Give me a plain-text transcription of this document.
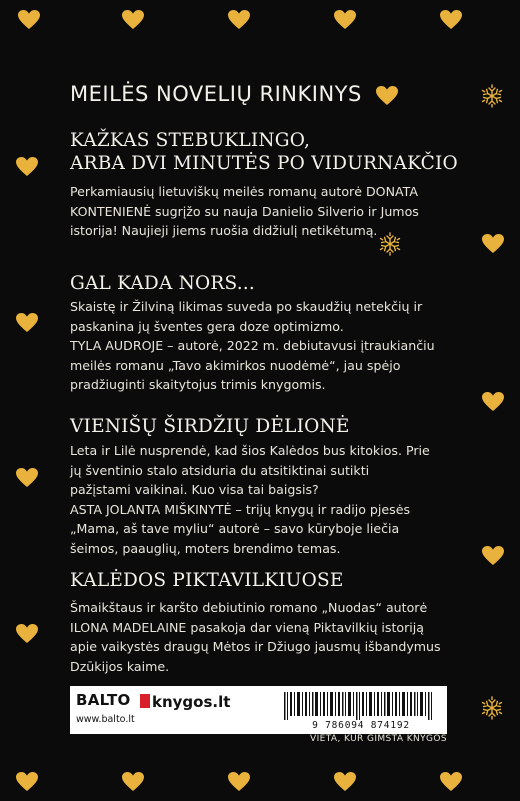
MEILĖS NOVELIŲ RINKINYS
KAŽKAS STEBUKLINGO,
ARBA DVI MINUTĖS PO VIDURNAKČIO

Perkamiausių lietuviškų meilės romanų autorė DONATA KONTENIENĖ sugrįžo su nauja Danielio Silverio ir Jumos istorija! Naujieji jiems ruošia didžiulį netikėtumą.

GAL KADA NORS...

Skaistę ir Žilviną likimas suveda po skaudžių netekčių ir paskanina jų šventes gera doze optimizmo.

TYLA AUDROJE – autorė, 2022 m. debiutavusi įtraukiančiu meilės romanu „Tavo akimirkos nuodėmė“, jau spėjo pradžiuginti skaitytojus trimis knygomis.

VIENIŠŲ ŠIRDŽIŲ DĖLIONĖ

Leta ir Lilė nusprendė, kad šios Kalėdos bus kitokios. Prie jų šventinio stalo atsiduria du atsitiktinai sutikti pažįstami vaikinai. Kuo visa tai baigsis?

ASTA JOLANTA MIŠKINYTĖ – trijų knygų ir radijo pjesės „Mama, aš tave myliu“ autorė – savo kūryboje liečia šeimos, paauglių, moters brendimo temas.

KALĖDOS PIKTAVILKIUOSE

Šmaikštaus ir karšto debiutinio romano „Nuodas“ autorė ILONA MADELAINE pasakoja dar vieną Piktavilkių istoriją apie vaikystės draugų Mėtos ir Džiugo jausmų išbandymus Dzūkijos kaime.

BALTO
www.balto.lt
knygos.lt
9 786094 874192
VIETA, KUR GIMSTA KNYGOS
